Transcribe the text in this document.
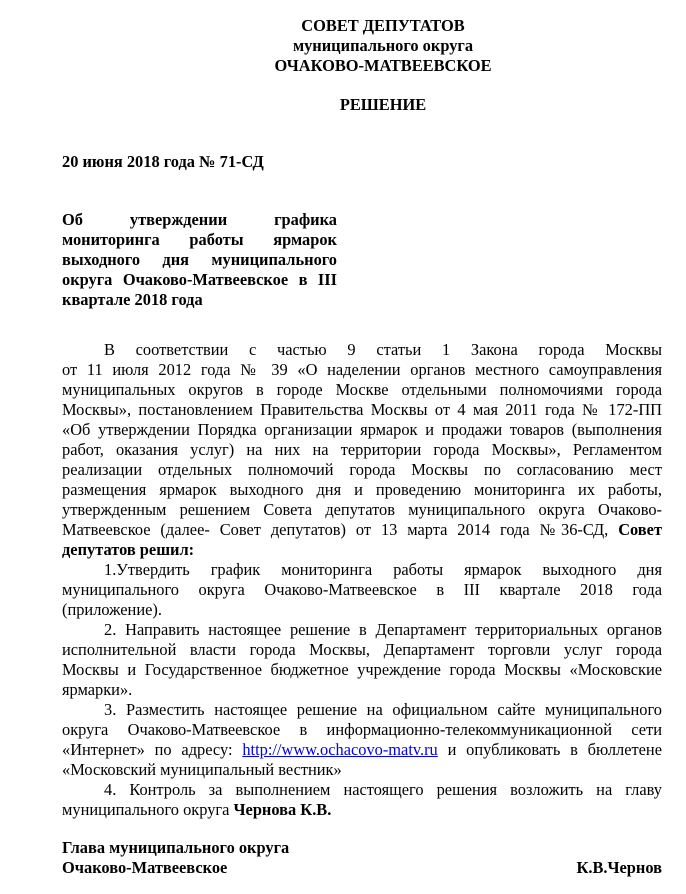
СОВЕТ ДЕПУТАТОВ
муниципального округа
ОЧАКОВО-МАТВЕЕВСКОЕ
РЕШЕНИЕ
20 июня 2018 года № 71-СД
Об утверждении графика
мониторинга работы ярмарок
выходного дня муниципального
округа Очаково-Матвеевское в III
квартале 2018 года
В соответствии с частью 9 статьи 1 Закона города Москвы
от 11 июля 2012 года № 39 «О наделении органов местного самоуправления
муниципальных округов в городе Москве отдельными полномочиями города
Москвы», постановлением Правительства Москвы от 4 мая 2011 года № 172-ПП
«Об утверждении Порядка организации ярмарок и продажи товаров (выполнения
работ, оказания услуг) на них на территории города Москвы», Регламентом
реализации отдельных полномочий города Москвы по согласованию мест
размещения ярмарок выходного дня и проведению мониторинга их работы,
утвержденным решением Совета депутатов муниципального округа Очаково-
Матвеевское (далее- Совет депутатов) от 13 марта 2014 года №36-СД, Совет
депутатов решил:
1.Утвердить график мониторинга работы ярмарок выходного дня
муниципального округа Очаково-Матвеевское в III квартале 2018 года
(приложение).
2. Направить настоящее решение в Департамент территориальных органов
исполнительной власти города Москвы, Департамент торговли услуг города
Москвы и Государственное бюджетное учреждение города Москвы «Московские
ярмарки».
3. Разместить настоящее решение на официальном сайте муниципального
округа Очаково-Матвеевское в информационно-телекоммуникационной сети
«Интернет» по адресу: http://www.ochacovo-matv.ru и опубликовать в бюллетене
«Московский муниципальный вестник»
4. Контроль за выполнением настоящего решения возложить на главу
муниципального округа Чернова К.В.
Глава муниципального округа
Очаково-Матвеевское	К.В.Чернов
